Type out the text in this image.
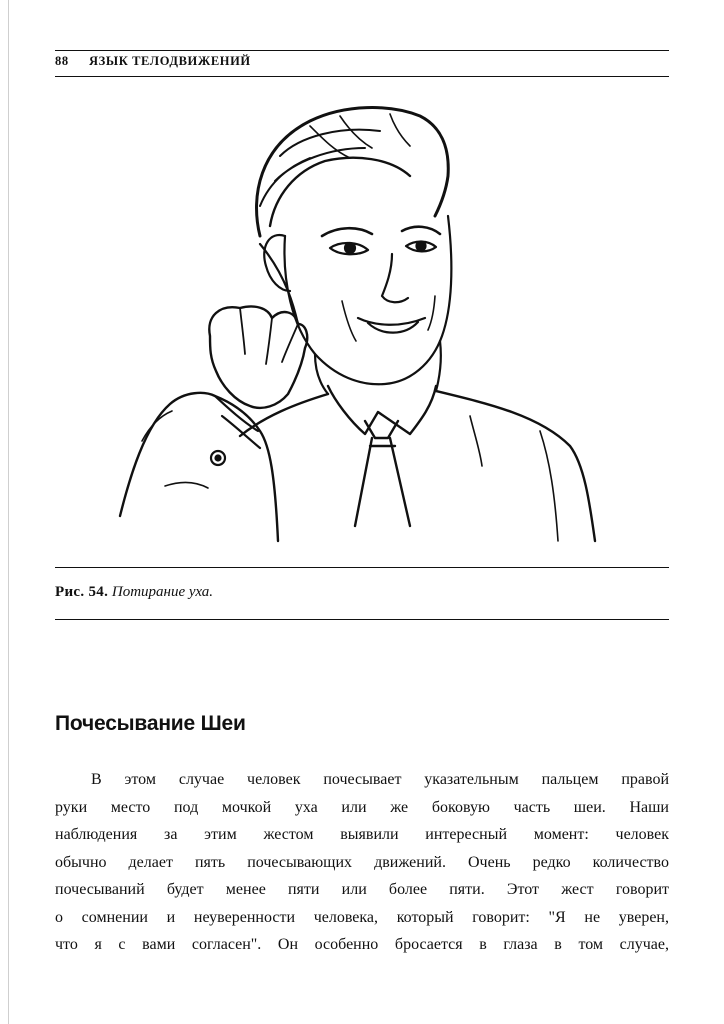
88 ЯЗЫК ТЕЛОДВИЖЕНИЙ
Рис. 54. Потирание уха.
Почесывание Шеи
В этом случае человек почесывает указательным пальцем правой
руки место под мочкой уха или же боковую часть шеи. Наши
наблюдения за этим жестом выявили интересный момент: человек
обычно делает пять почесывающих движений. Очень редко количество
почесываний будет менее пяти или более пяти. Этот жест говорит
о сомнении и неуверенности человека, который говорит: "Я не уверен,
что я с вами согласен". Он особенно бросается в глаза в том случае,
